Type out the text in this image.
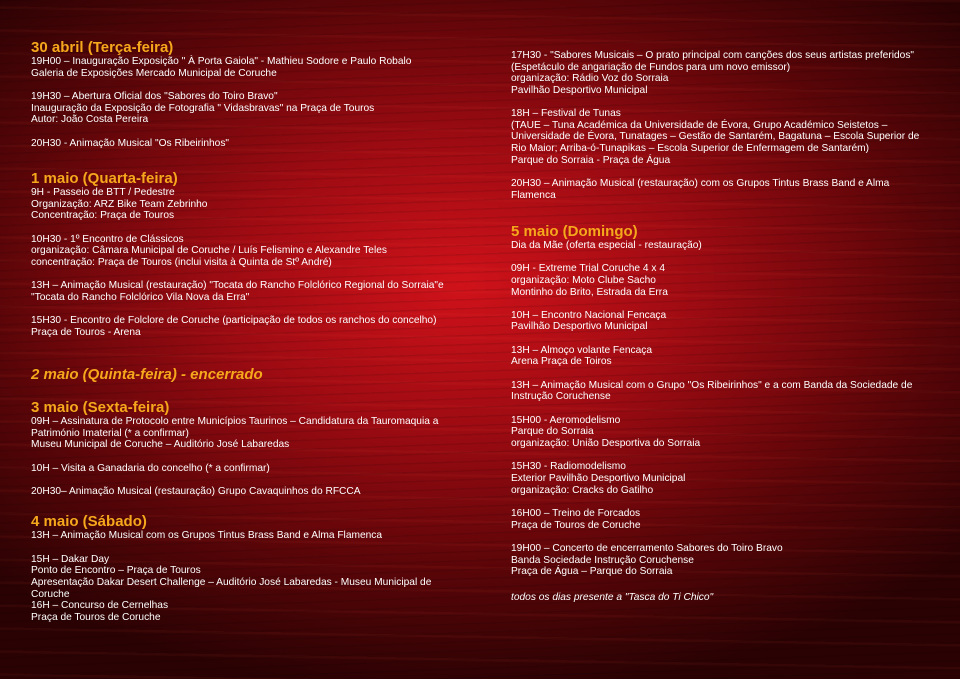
30 abril (Terça-feira)

19H00 – Inauguração Exposição " À Porta Gaiola" - Mathieu Sodore e Paulo Robalo
Galeria de Exposições Mercado Municipal de Coruche

19H30 – Abertura Oficial dos "Sabores do Toiro Bravo"
Inauguração da Exposição de Fotografia " Vidasbravas" na Praça de Touros
Autor: João Costa Pereira

20H30 - Animação Musical "Os Ribeirinhos"

1 maio (Quarta-feira)

9H - Passeio de BTT / Pedestre
Organização: ARZ Bike Team Zebrinho
Concentração: Praça de Touros

10H30 - 1º Encontro de Clássicos
organização: Câmara Municipal de Coruche / Luís Felismino e Alexandre Teles
concentração: Praça de Touros (inclui visita à Quinta de Stº André)

13H – Animação Musical (restauração) "Tocata do Rancho Folclórico Regional do Sorraia"e "Tocata do Rancho Folclórico Vila Nova da Erra"

15H30 - Encontro de Folclore de Coruche (participação de todos os ranchos do concelho)
Praça de Touros - Arena

2 maio (Quinta-feira) - encerrado
3 maio (Sexta-feira)

09H – Assinatura de Protocolo entre Municípios Taurinos – Candidatura da Tauromaquia a Património Imaterial (* a confirmar)
Museu Municipal de Coruche – Auditório José Labaredas

10H – Visita a Ganadaria do concelho (* a confirmar)

20H30– Animação Musical (restauração) Grupo Cavaquinhos do RFCCA

4 maio (Sábado)

13H – Animação Musical com os Grupos Tintus Brass Band e Alma Flamenca

15H – Dakar Day
Ponto de Encontro – Praça de Touros
Apresentação Dakar Desert Challenge – Auditório José Labaredas - Museu Municipal de Coruche
16H – Concurso de Cernelhas
Praça de Touros de Coruche

17H30 - "Sabores Musicais – O prato principal com canções dos seus artistas preferidos" (Espetáculo de angariação de Fundos para um novo emissor)
organização: Rádio Voz do Sorraia
Pavilhão Desportivo Municipal

18H – Festival de Tunas
(TAUE – Tuna Académica da Universidade de Évora, Grupo Académico Seistetos – Universidade de Évora, Tunatages – Gestão de Santarém, Bagatuna – Escola Superior de Rio Maior; Arriba-ó-Tunapikas – Escola Superior de Enfermagem de Santarém)
Parque do Sorraia - Praça de Água

20H30 – Animação Musical (restauração) com os Grupos Tintus Brass Band e Alma Flamenca

5 maio (Domingo)

Dia da Mãe (oferta especial - restauração)

09H - Extreme Trial Coruche 4 x 4
organização: Moto Clube Sacho
Montinho do Brito, Estrada da Erra

10H – Encontro Nacional Fencaça
Pavilhão Desportivo Municipal

13H – Almoço volante Fencaça
Arena Praça de Toiros

13H – Animação Musical com o Grupo "Os Ribeirinhos" e a com Banda da Sociedade de Instrução Coruchense

15H00 - Aeromodelismo
Parque do Sorraia
organização: União Desportiva do Sorraia

15H30 - Radiomodelismo
Exterior Pavilhão Desportivo Municipal
organização: Cracks do Gatilho

16H00 – Treino de Forcados
Praça de Touros de Coruche

19H00 – Concerto de encerramento Sabores do Toiro Bravo
Banda Sociedade Instrução Coruchense
Praça de Água – Parque do Sorraia

todos os dias presente a "Tasca do Ti Chico"
